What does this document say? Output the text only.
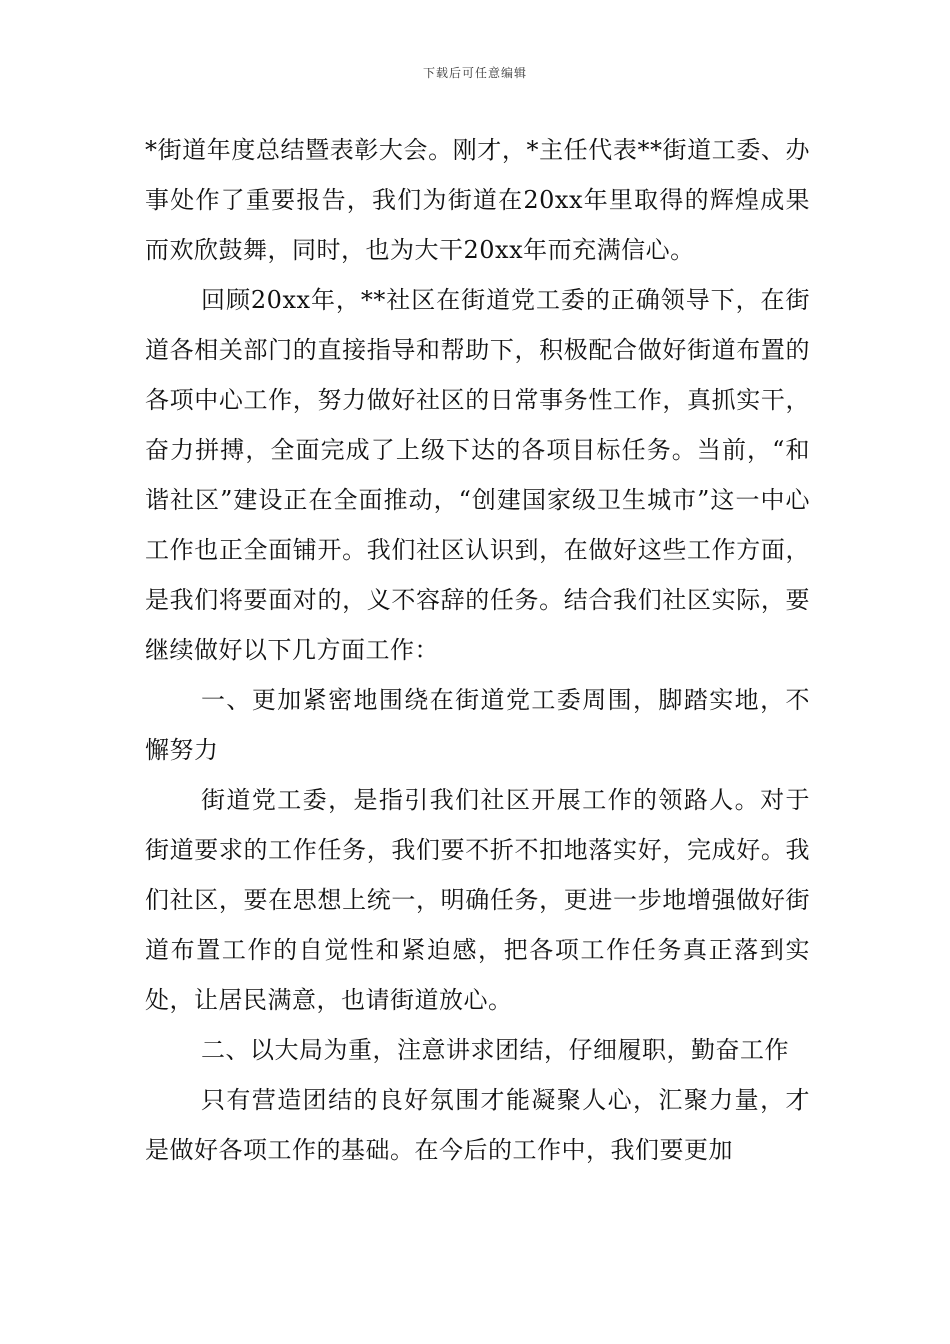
下载后可任意编辑

*街道年度总结暨表彰大会。刚才，*主任代表**街道工委、办事处作了重要报告，我们为街道在20xx年里取得的辉煌成果而欢欣鼓舞，同时，也为大干20xx年而充满信心。

回顾20xx年，**社区在街道党工委的正确领导下，在街道各相关部门的直接指导和帮助下，积极配合做好街道布置的各项中心工作，努力做好社区的日常事务性工作，真抓实干，奋力拼搏，全面完成了上级下达的各项目标任务。当前，“和谐社区”建设正在全面推动，“创建国家级卫生城市”这一中心工作也正全面铺开。我们社区认识到，在做好这些工作方面，是我们将要面对的，义不容辞的任务。结合我们社区实际，要继续做好以下几方面工作：

一、更加紧密地围绕在街道党工委周围，脚踏实地，不懈努力

街道党工委，是指引我们社区开展工作的领路人。对于街道要求的工作任务，我们要不折不扣地落实好，完成好。我们社区，要在思想上统一，明确任务，更进一步地增强做好街道布置工作的自觉性和紧迫感，把各项工作任务真正落到实处，让居民满意，也请街道放心。

二、以大局为重，注意讲求团结，仔细履职，勤奋工作

只有营造团结的良好氛围才能凝聚人心，汇聚力量，才是做好各项工作的基础。在今后的工作中，我们要更加
